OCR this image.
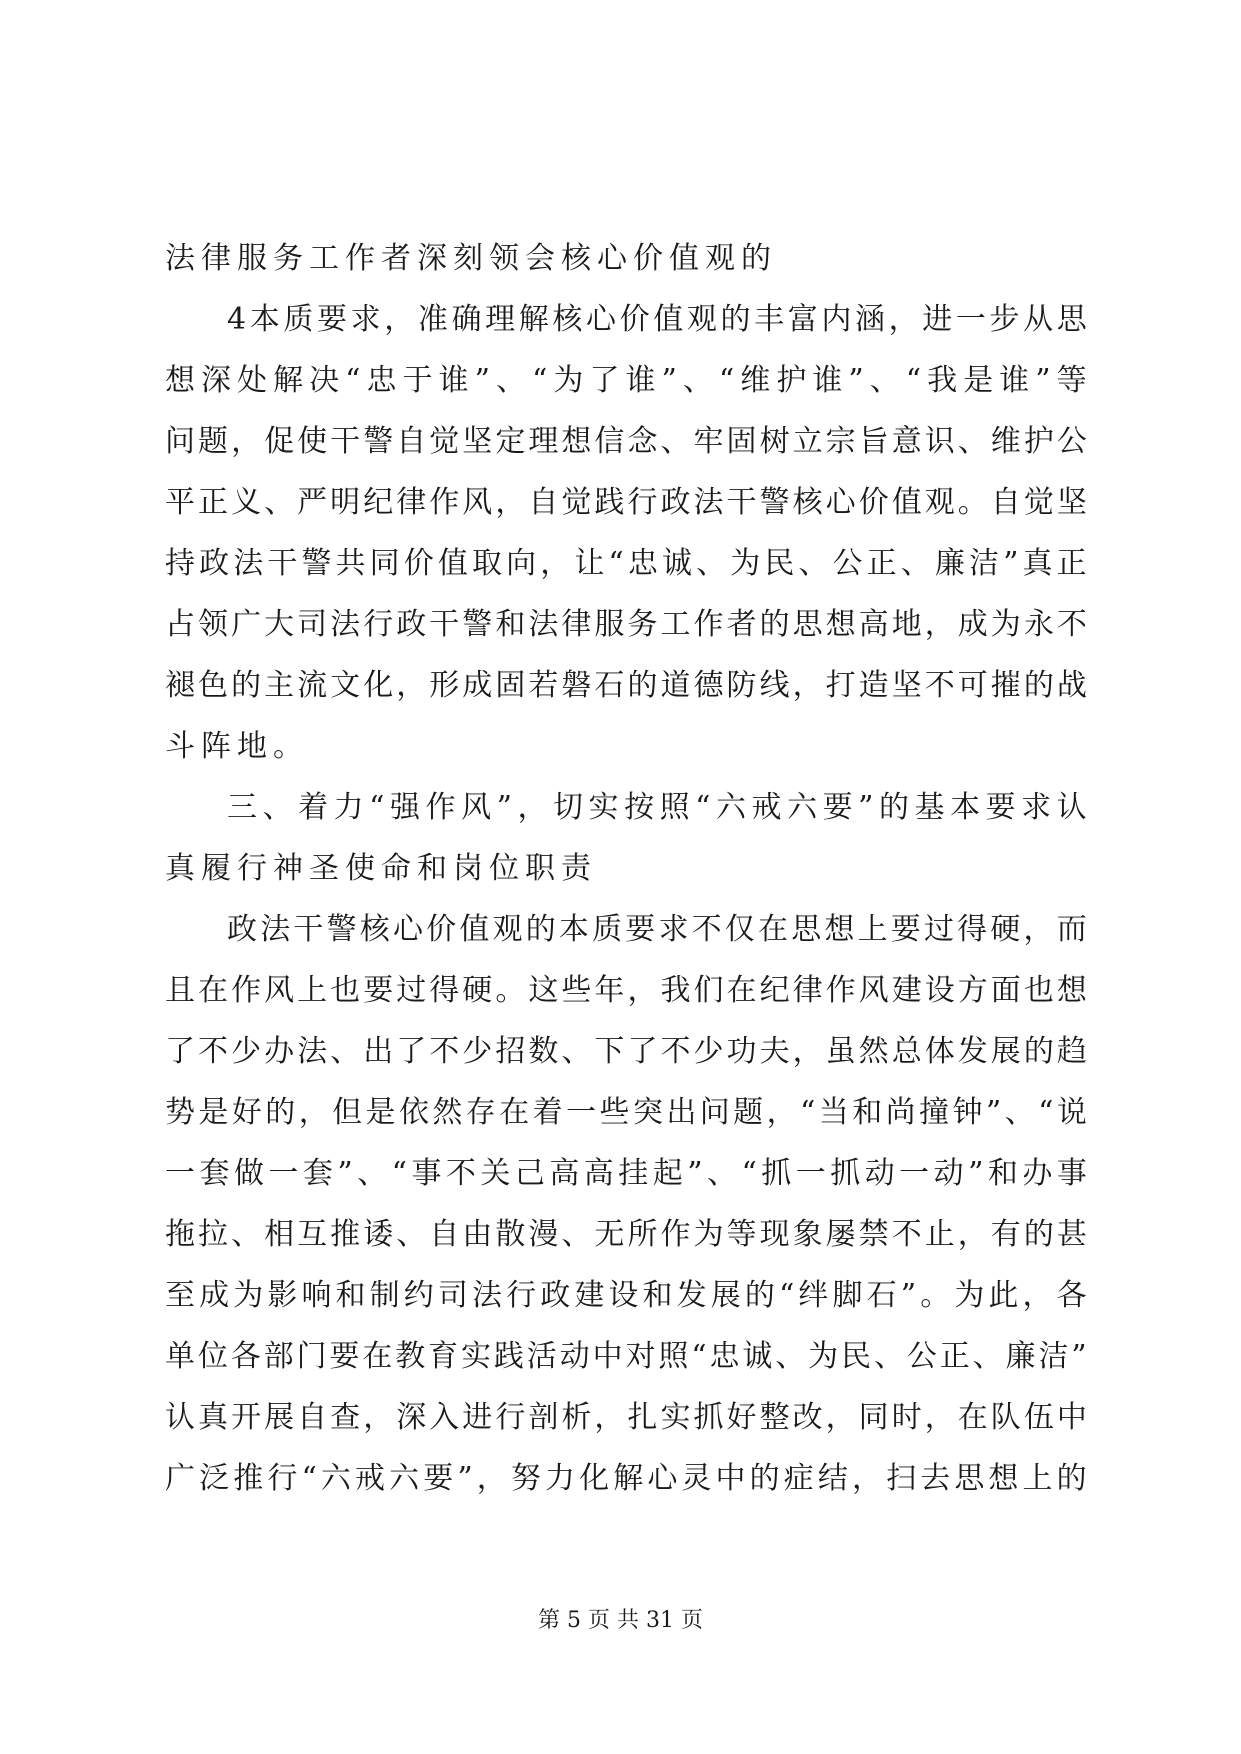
法律服务工作者深刻领会核心价值观的
4 本 质 要 求 ， 准 确 理 解 核 心 价 值 观 的 丰 富 内 涵 ， 进 一 步 从 思
想 深 处 解 决 “ 忠 于 谁 ” 、 “ 为 了 谁 ” 、 “ 维 护 谁 ” 、 “ 我 是 谁 ” 等
问 题 ， 促 使 干 警 自 觉 坚 定 理 想 信 念 、 牢 固 树 立 宗 旨 意 识 、 维 护 公
平 正 义 、 严 明 纪 律 作 风 ， 自 觉 践 行 政 法 干 警 核 心 价 值 观 。 自 觉 坚
持 政 法 干 警 共 同 价 值 取 向 ， 让 “ 忠 诚 、 为 民 、 公 正 、 廉 洁 ” 真 正
占 领 广 大 司 法 行 政 干 警 和 法 律 服 务 工 作 者 的 思 想 高 地 ， 成 为 永 不
褪 色 的 主 流 文 化 ， 形 成 固 若 磐 石 的 道 德 防 线 ， 打 造 坚 不 可 摧 的 战
斗阵地。
三 、 着 力 “ 强 作 风 ” ， 切 实 按 照 “ 六 戒 六 要 ” 的 基 本 要 求 认
真履行神圣使命和岗位职责
政 法 干 警 核 心 价 值 观 的 本 质 要 求 不 仅 在 思 想 上 要 过 得 硬 ， 而
且 在 作 风 上 也 要 过 得 硬 。 这 些 年 ， 我 们 在 纪 律 作 风 建 设 方 面 也 想
了 不 少 办 法 、 出 了 不 少 招 数 、 下 了 不 少 功 夫 ， 虽 然 总 体 发 展 的 趋
势 是 好 的 ， 但 是 依 然 存 在 着 一 些 突 出 问 题 ， “ 当 和 尚 撞 钟 ” 、 “ 说
一 套 做 一 套 ” 、 “ 事 不 关 己 高 高 挂 起 ” 、 “ 抓 一 抓 动 一 动 ” 和 办 事
拖 拉 、 相 互 推 诿 、 自 由 散 漫 、 无 所 作 为 等 现 象 屡 禁 不 止 ， 有 的 甚
至 成 为 影 响 和 制 约 司 法 行 政 建 设 和 发 展 的 “ 绊 脚 石 ” 。 为 此 ， 各
单 位 各 部 门 要 在 教 育 实 践 活 动 中 对 照 “ 忠 诚 、 为 民 、 公 正 、 廉 洁 ”
认 真 开 展 自 查 ， 深 入 进 行 剖 析 ， 扎 实 抓 好 整 改 ， 同 时 ， 在 队 伍 中
广 泛 推 行 “ 六 戒 六 要 ” ， 努 力 化 解 心 灵 中 的 症 结 ， 扫 去 思 想 上 的
第 5 页 共 31 页
